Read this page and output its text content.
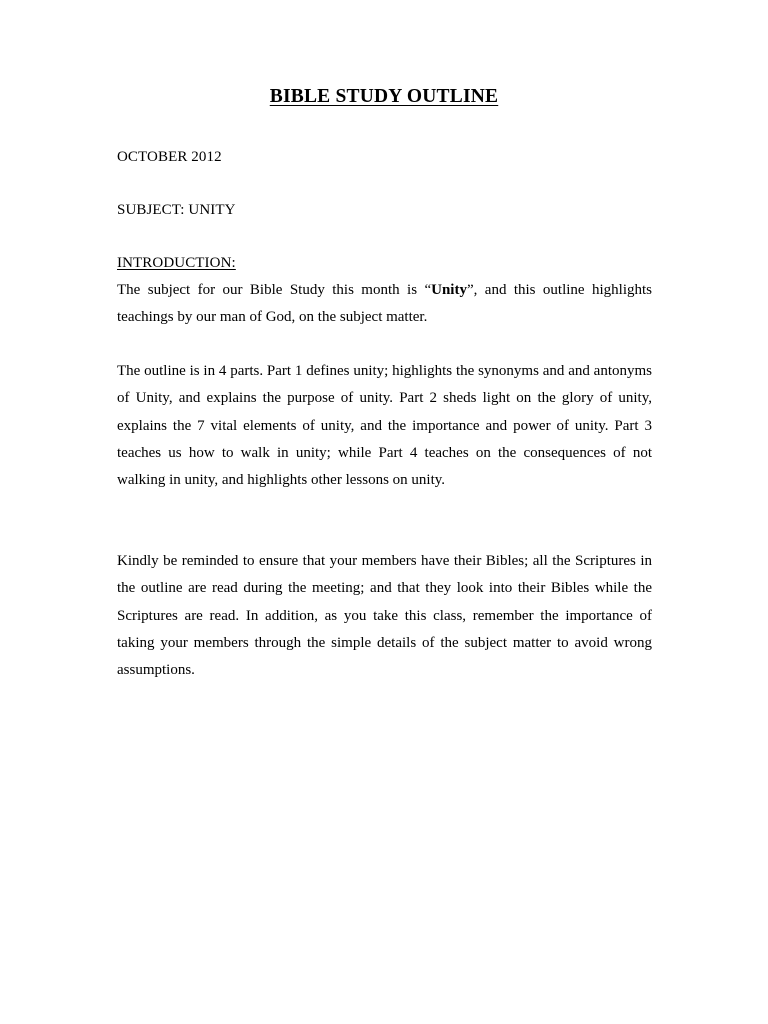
BIBLE STUDY OUTLINE
OCTOBER 2012
SUBJECT: UNITY
INTRODUCTION:

The subject for our Bible Study this month is “Unity”, and this outline highlights teachings by our man of God, on the subject matter.

The outline is in 4 parts. Part 1 defines unity; highlights the synonyms and and antonyms of Unity, and explains the purpose of unity. Part 2 sheds light on the glory of unity, explains the 7 vital elements of unity, and the importance and power of unity. Part 3 teaches us how to walk in unity; while Part 4 teaches on the consequences of not walking in unity, and highlights other lessons on unity.

Kindly be reminded to ensure that your members have their Bibles; all the Scriptures in the outline are read during the meeting; and that they look into their Bibles while the Scriptures are read. In addition, as you take this class, remember the importance of taking your members through the simple details of the subject matter to avoid wrong assumptions.
